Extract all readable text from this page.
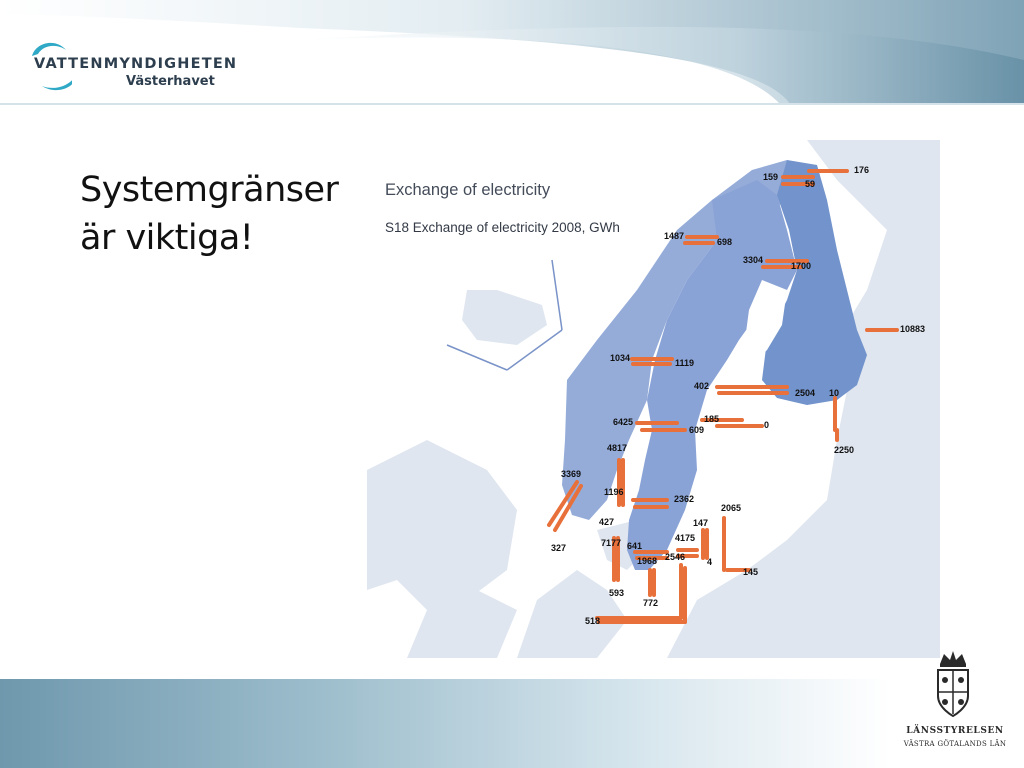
VATTENMYNDIGHETEN
Västerhavet
Systemgränser
är viktiga!
Exchange of electricity
S18 Exchange of electricity 2008, GWh
176
159
59
1487
698
3304
1700
10883
1034	1119
402
2504 10
185
0
6425
609
2250
4817
3369
1196
2362
2065
147
427
7177 641
4175
1968 2546 4
145
327
593
772
518
LÄNSSTYRELSEN
VÄSTRA GÖTALANDS LÄN
